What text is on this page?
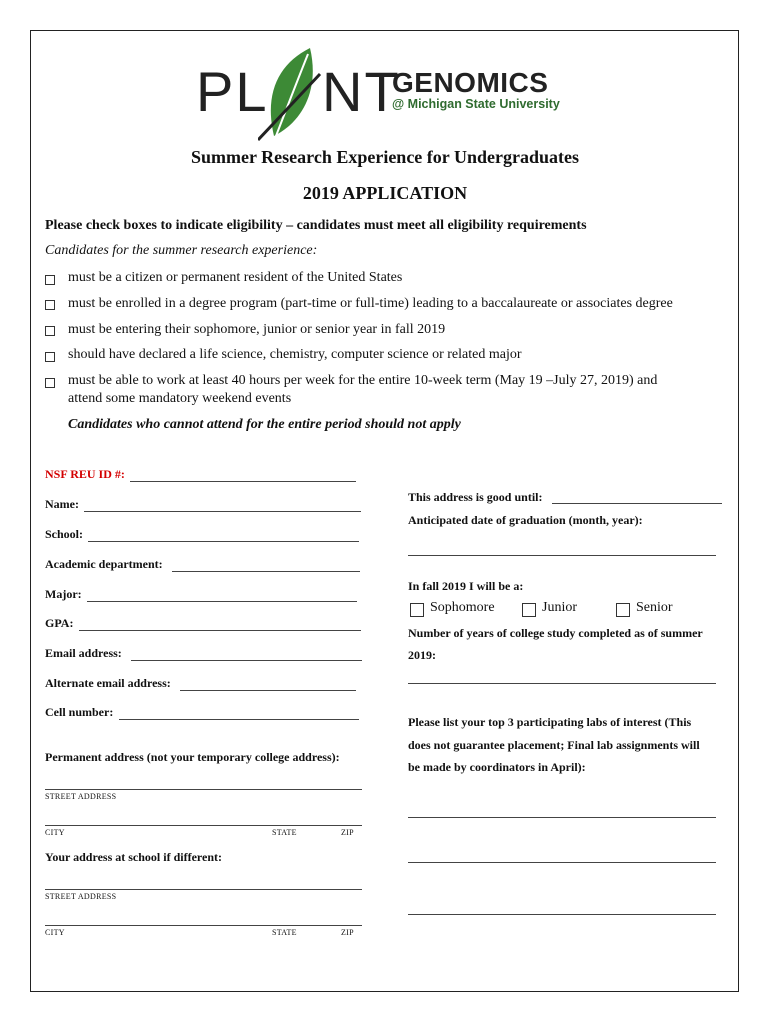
PL NT
GENOMICS
@ Michigan State University
Summer Research Experience for Undergraduates
2019 APPLICATION
Please check boxes to indicate eligibility – candidates must meet all eligibility requirements
Candidates for the summer research experience:
must be a citizen or permanent resident of the United States
must be enrolled in a degree program (part-time or full-time) leading to a baccalaureate or associates degree
must be entering their sophomore, junior or senior year in fall 2019
should have declared a life science, chemistry, computer science or related major
must be able to work at least 40 hours per week for the entire 10-week term (May 19 –July 27, 2019) and
attend some mandatory weekend events
Candidates who cannot attend for the entire period should not apply
NSF REU ID #:
Name:
School:
Academic department:
Major:
GPA:
Email address:
Alternate email address:
Cell number:
Permanent address (not your temporary college address):
STREET ADDRESS
CITY	STATE	ZIP
Your address at school if different:
STREET ADDRESS
CITY	STATE	ZIP
This address is good until:
Anticipated date of graduation (month, year):
In fall 2019 I will be a:
Sophomore	Junior	Senior
Number of years of college study completed as of summer
2019:
Please list your top 3 participating labs of interest (This
does not guarantee placement; Final lab assignments will
be made by coordinators in April):
